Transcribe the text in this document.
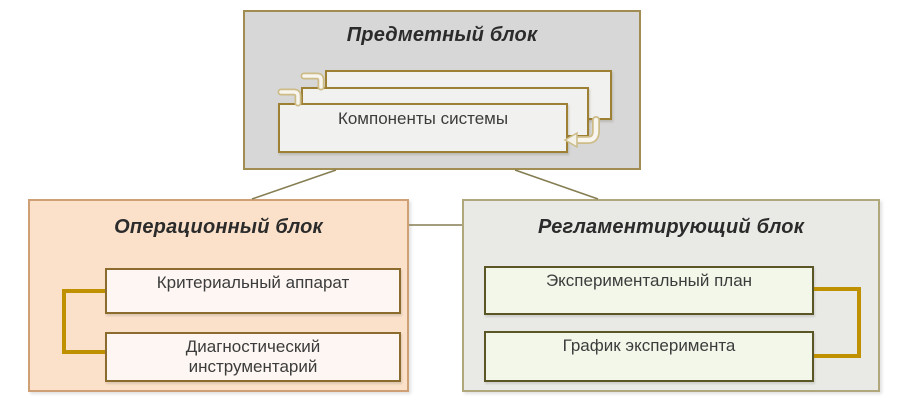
Предметный блок
Компоненты системы
Операционный блок
Критериальный аппарат
Диагностический инструментарий
Регламентирующий блок
Экспериментальный план
График эксперимента
